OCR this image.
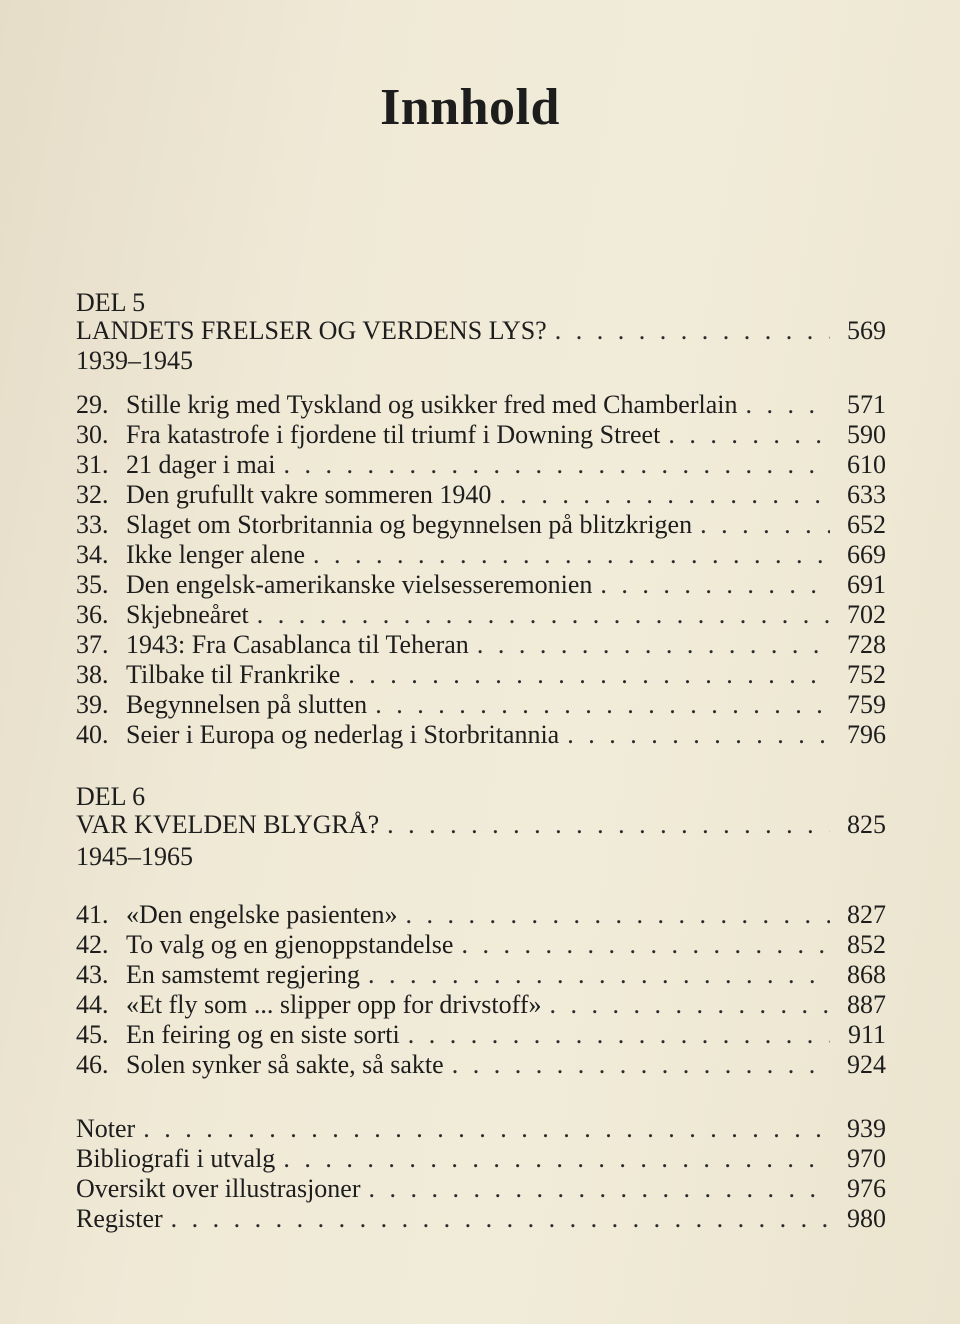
Innhold
DEL 5
LANDETS FRELSER OG VERDENS LYS? . . .	569
1939–1945
29. Stille krig med Tyskland og usikker fred med Chamberlain . . .	571
30. Fra katastrofe i fjordene til triumf i Downing Street . . .	590
31. 21 dager i mai . . .	610
32. Den grufullt vakre sommeren 1940 . . .	633
33. Slaget om Storbritannia og begynnelsen på blitzkrigen . . .	652
34. Ikke lenger alene . . .	669
35. Den engelsk-amerikanske vielsesseremonien . . .	691
36. Skjebneåret . . .	702
37. 1943: Fra Casablanca til Teheran . . .	728
38. Tilbake til Frankrike . . .	752
39. Begynnelsen på slutten . . .	759
40. Seier i Europa og nederlag i Storbritannia . . .	796
DEL 6
VAR KVELDEN BLYGRÅ? . . .	825
1945–1965
41. «Den engelske pasienten» . . .	827
42. To valg og en gjenoppstandelse . . .	852
43. En samstemt regjering . . .	868
44. «Et fly som ... slipper opp for drivstoff» . . .	887
45. En feiring og en siste sorti . . .	911
46. Solen synker så sakte, så sakte . . .	924
Noter . . .	939
Bibliografi i utvalg . . .	970
Oversikt over illustrasjoner . . .	976
Register . . .	980
